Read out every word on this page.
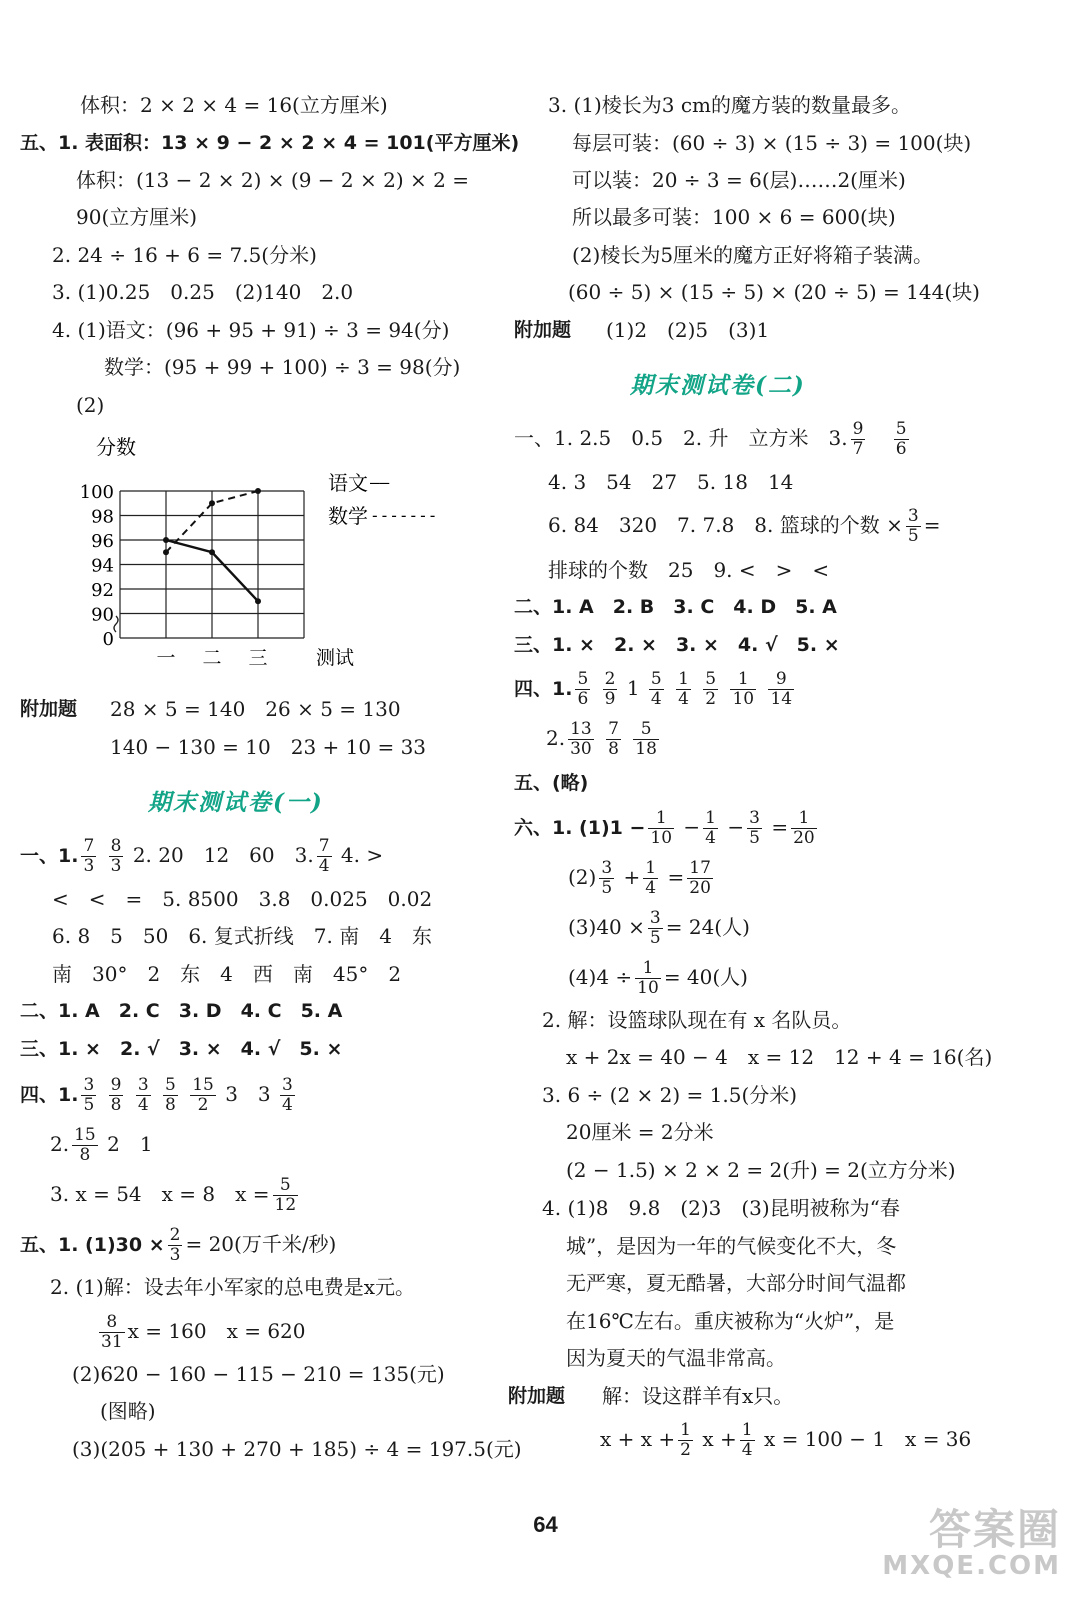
体积：2 × 2 × 4 = 16(立方厘米)
五、1. 表面积：13 × 9 − 2 × 2 × 4 = 101(平方厘米)
体积：(13 − 2 × 2) × (9 − 2 × 2) × 2 =
90(立方厘米)
2. 24 ÷ 16 + 6 = 7.5(分米)
3. (1)0.25　0.25　(2)140　2.0
4. (1)语文：(96 + 95 + 91) ÷ 3 = 94(分)
数学：(95 + 99 + 100) ÷ 3 = 98(分)
(2)
分数
100
98
96
94
92
90
0
一 二 三	测试
语文 ——
数学 -------
附加题 28 × 5 = 140　26 × 5 = 130
140 − 130 = 10　23 + 10 = 33
期末测试卷(一)
一、1. $\frac{7}{3}$
$\frac{8}{3} 2$. 20　12　60　3. $\frac{7}{4} 4$. >
<　<　=　5. 8500　3.8　0.025　0.02
6. 8　5　50　6. 复式折线　7. 南　4　东
南　30°　2　东　4　西　南　45°　2
二、1. A　2. C　3. D　4. C　5. A
三、1. ×　2. √　3. ×　4. √　5. ×
四、1. $\frac{3}{5}$
$\frac{9}{8}$
$\frac{3}{4}$
$\frac{5}{8}$
$\frac{15}{2} 3$　$3 \frac{3}{4}$
2. $\frac{15}{8} 2$　1
3. x = 54　x = 8　$x = \frac{5}{12}$
五、1. $(1)30 \times \frac{2}{3} = 20$(万千米/秒)
2. (1)解：设去年小军家的总电费是x元。
$\frac{8}{31}$ x = 160　x = 620
(2)620 − 160 − 115 − 210 = 135(元)
(图略)
(3)(205 + 130 + 270 + 185) ÷ 4 = 197.5(元)
3. (1)棱长为3 cm的魔方装的数量最多。
每层可装：(60 ÷ 3) × (15 ÷ 3) = 100(块)
可以装：20 ÷ 3 = 6(层)……2(厘米)
所以最多可装：100 × 6 = 600(块)
(2)棱长为5厘米的魔方正好将箱子装满。
(60 ÷ 5) × (15 ÷ 5) × (20 ÷ 5) = 144(块)
附加题 (1)2　(2)5　(3)1
期末测试卷(二)
一、1. 2.5　0.5　2. 升　立方米　3. $\frac{9}{7}$
$\frac{5}{6}$
4. 3　54　27　5. 18　14
6. 84　320　7. 7.8　8. 篮球的个数 × $\frac{3}{5}$ =
排球的个数　25　9. <　>　<
二、1. A　2. B　3. C　4. D　5. A
三、1. ×　2. ×　3. ×　4. √　5. ×
四、1. $\frac{5}{6}$
$\frac{2}{9} 1 \frac{5}{4}$
$\frac{1}{4}$
$\frac{5}{2}$
$\frac{1}{10}$
$\frac{9}{14}$
2. $\frac{13}{30}$
$\frac{7}{8}$
$\frac{5}{18}$
五、(略)
六、1. $(1)1 - \frac{1}{10} - \frac{1}{4} - \frac{3}{5} = \frac{1}{20}$
$(2) \frac{3}{5} + \frac{1}{4} = \frac{17}{20}$
$(3)40 \times \frac{3}{5} = 24$(人)
$(4)4 \div \frac{1}{10} = 40$(人)
2. 解：设篮球队现在有 x 名队员。
x + 2x = 40 − 4　x = 12　12 + 4 = 16(名)
3. 6 ÷ (2 × 2) = 1.5(分米)
20厘米 = 2分米
(2 − 1.5) × 2 × 2 = 2(升) = 2(立方分米)
4. (1)8　9.8　(2)3　(3)昆明被称为“春
城”，是因为一年的气候变化不大，冬
无严寒，夏无酷暑，大部分时间气温都
在16℃左右。重庆被称为“火炉”，是
因为夏天的气温非常高。
附加题 解：设这群羊有x只。
$x + x + \frac{1}{2}$ $x + \frac{1}{4}$ x = 100 − 1　x = 36
64	答案圈
MXQE.COM
